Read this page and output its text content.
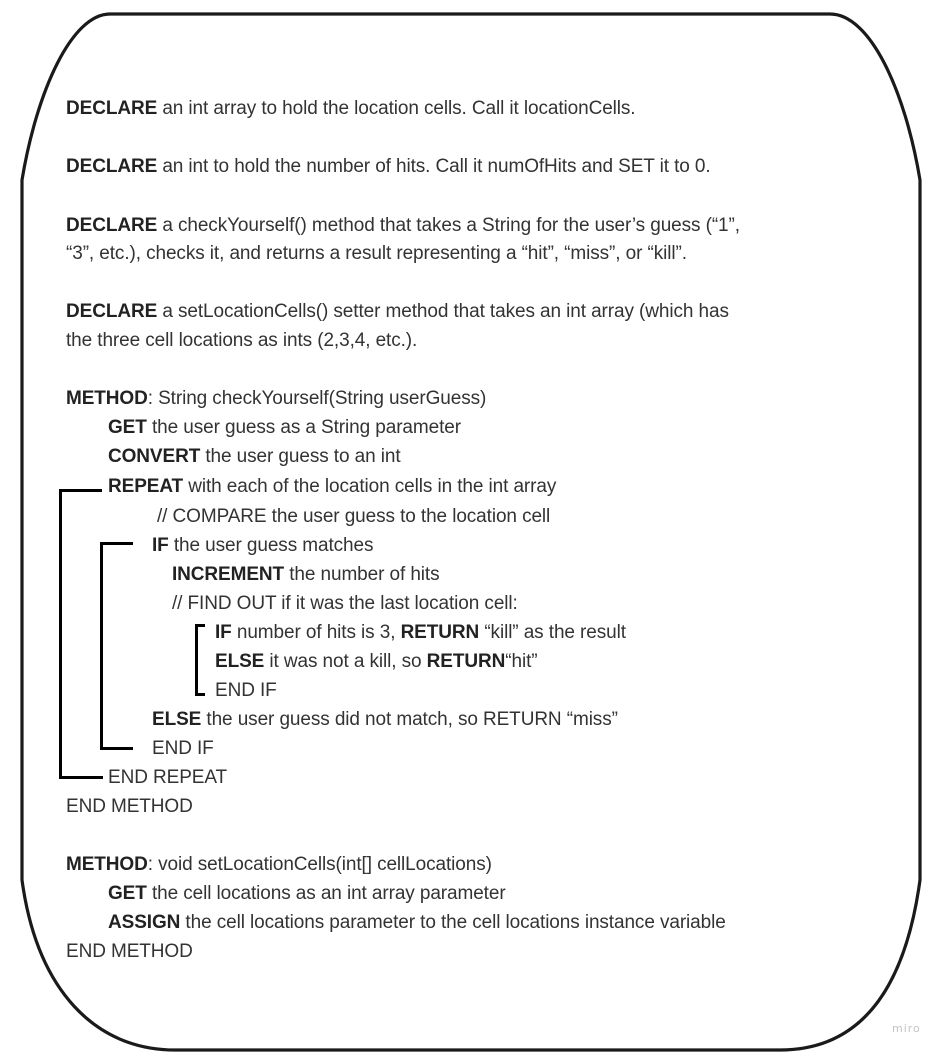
DECLARE an int array to hold the location cells. Call it locationCells.
DECLARE an int to hold the number of hits. Call it numOfHits and SET it to 0.
DECLARE a checkYourself() method that takes a String for the user’s guess (“1”,
“3”, etc.), checks it, and returns a result representing a “hit”, “miss”, or “kill”.
DECLARE a setLocationCells() setter method that takes an int array (which has
the three cell locations as ints (2,3,4, etc.).
METHOD: String checkYourself(String userGuess)
GET the user guess as a String parameter
CONVERT the user guess to an int
REPEAT with each of the location cells in the int array
// COMPARE the user guess to the location cell
IF the user guess matches
INCREMENT the number of hits
// FIND OUT if it was the last location cell:
IF number of hits is 3, RETURN “kill” as the result
ELSE it was not a kill, so RETURN“hit”
END IF
ELSE the user guess did not match, so RETURN “miss”
END IF
END REPEAT
END METHOD
METHOD: void setLocationCells(int[] cellLocations)
GET the cell locations as an int array parameter
ASSIGN the cell locations parameter to the cell locations instance variable
END METHOD
miro
